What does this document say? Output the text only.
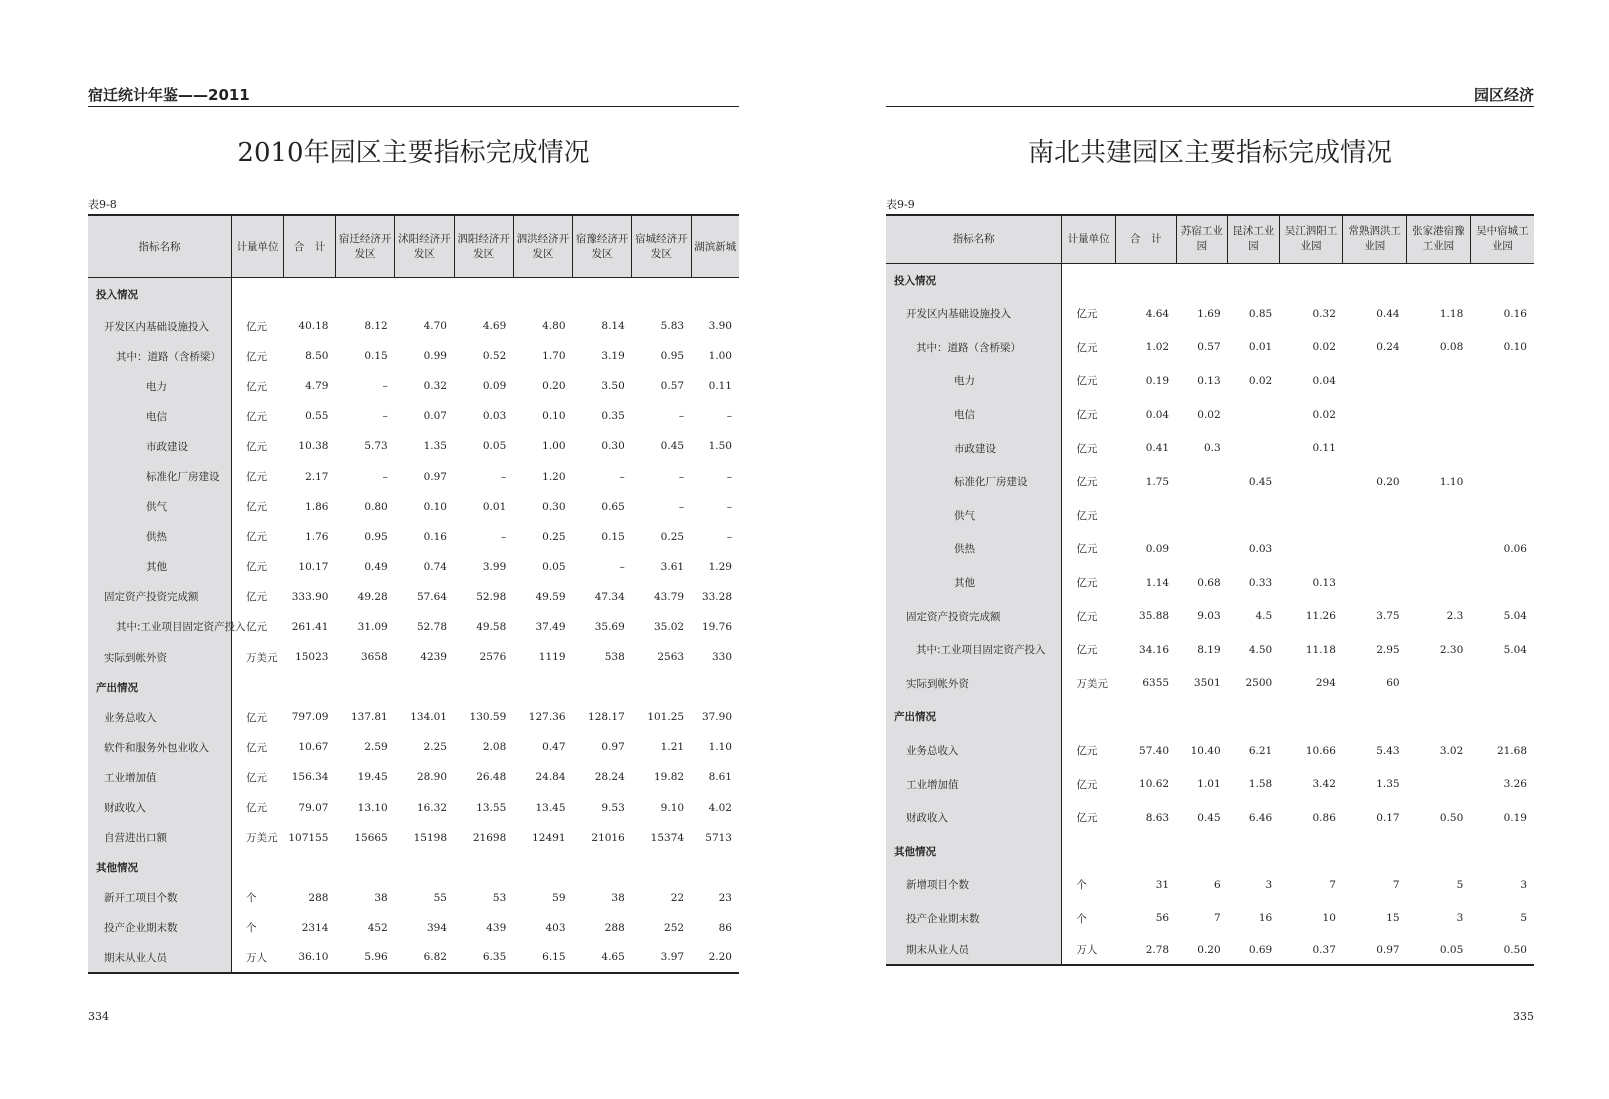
宿迁统计年鉴——2011
2010年园区主要指标完成情况
表9-8
指标名称	计量单位	合　计	宿迁经济开发区	沭阳经济开发区	泗阳经济开发区	泗洪经济开发区	宿豫经济开发区	宿城经济开发区	湖滨新城
投入情况									
开发区内基础设施投入	亿元	40.18	8.12	4.70	4.69	4.80	8.14	5.83	3.90
其中：道路（含桥梁）	亿元	8.50	0.15	0.99	0.52	1.70	3.19	0.95	1.00
电力	亿元	4.79	–	0.32	0.09	0.20	3.50	0.57	0.11
电信	亿元	0.55	–	0.07	0.03	0.10	0.35	–	–
市政建设	亿元	10.38	5.73	1.35	0.05	1.00	0.30	0.45	1.50
标准化厂房建设	亿元	2.17	–	0.97	–	1.20	–	–	–
供气	亿元	1.86	0.80	0.10	0.01	0.30	0.65	–	–
供热	亿元	1.76	0.95	0.16	–	0.25	0.15	0.25	–
其他	亿元	10.17	0.49	0.74	3.99	0.05	–	3.61	1.29
固定资产投资完成额	亿元	333.90	49.28	57.64	52.98	49.59	47.34	43.79	33.28
其中:工业项目固定资产投入	亿元	261.41	31.09	52.78	49.58	37.49	35.69	35.02	19.76
实际到帐外资	万美元	15023	3658	4239	2576	1119	538	2563	330
产出情况									
业务总收入	亿元	797.09	137.81	134.01	130.59	127.36	128.17	101.25	37.90
软件和服务外包业收入	亿元	10.67	2.59	2.25	2.08	0.47	0.97	1.21	1.10
工业增加值	亿元	156.34	19.45	28.90	26.48	24.84	28.24	19.82	8.61
财政收入	亿元	79.07	13.10	16.32	13.55	13.45	9.53	9.10	4.02
自营进出口额	万美元	107155	15665	15198	21698	12491	21016	15374	5713
其他情况									
新开工项目个数	个	288	38	55	53	59	38	22	23
投产企业期末数	个	2314	452	394	439	403	288	252	86
期末从业人员	万人	36.10	5.96	6.82	6.35	6.15	4.65	3.97	2.20
334
园区经济
南北共建园区主要指标完成情况
表9-9
指标名称	计量单位	合　计	苏宿工业园	昆沭工业园	吴江泗阳工业园	常熟泗洪工业园	张家港宿豫工业园	吴中宿城工业园
投入情况								
开发区内基础设施投入	亿元	4.64	1.69	0.85	0.32	0.44	1.18	0.16
其中：道路（含桥梁）	亿元	1.02	0.57	0.01	0.02	0.24	0.08	0.10
电力	亿元	0.19	0.13	0.02	0.04			
电信	亿元	0.04	0.02		0.02			
市政建设	亿元	0.41	0.3		0.11			
标准化厂房建设	亿元	1.75		0.45		0.20	1.10	
供气	亿元							
供热	亿元	0.09		0.03				0.06
其他	亿元	1.14	0.68	0.33	0.13			
固定资产投资完成额	亿元	35.88	9.03	4.5	11.26	3.75	2.3	5.04
其中:工业项目固定资产投入	亿元	34.16	8.19	4.50	11.18	2.95	2.30	5.04
实际到帐外资	万美元	6355	3501	2500	294	60		
产出情况								
业务总收入	亿元	57.40	10.40	6.21	10.66	5.43	3.02	21.68
工业增加值	亿元	10.62	1.01	1.58	3.42	1.35		3.26
财政收入	亿元	8.63	0.45	6.46	0.86	0.17	0.50	0.19
其他情况								
新增项目个数	个	31	6	3	7	7	5	3
投产企业期末数	个	56	7	16	10	15	3	5
期末从业人员	万人	2.78	0.20	0.69	0.37	0.97	0.05	0.50
335
